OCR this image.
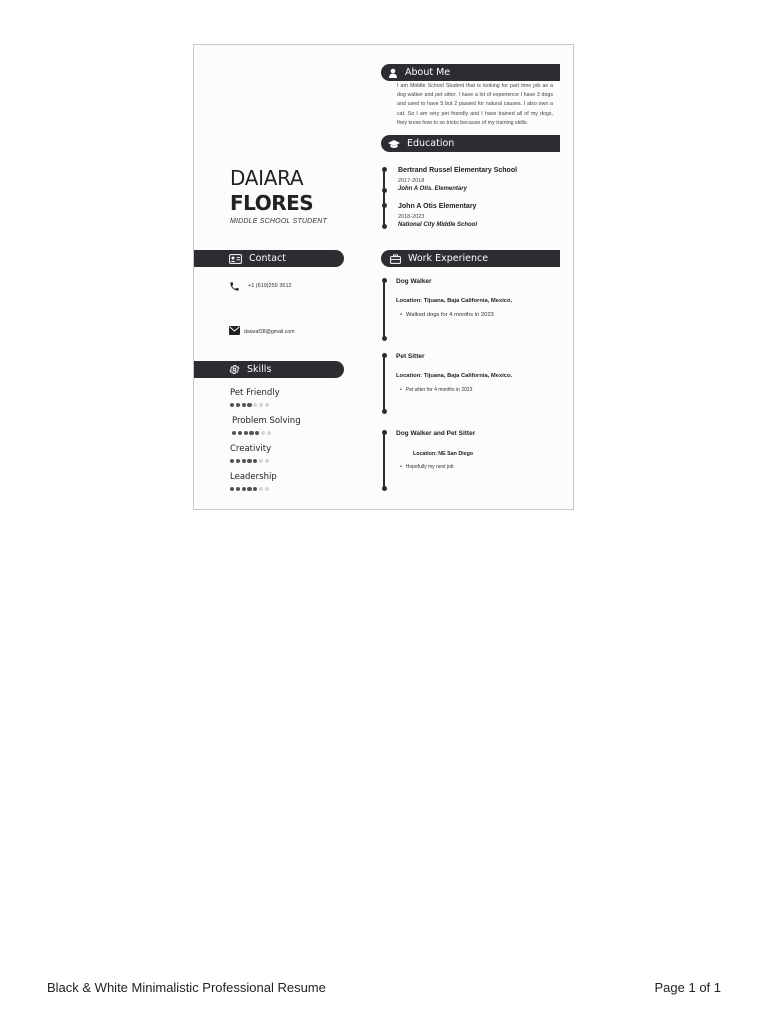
About Me
I am Middle School Student that is looking for part time job as a dog walker and pet sitter. I have a lot of experience I have 3 dogs and used to have 5 but 2 passed for natural causes. I also own a cat. So I am very pet friendly and I have trained all of my dogs, they know how to so tricks because of my training skills.
Education
Bertrand Russel Elementary School
2017-2018
John A Otis. Elementary
John A Otis Elementary
2018-2023
National City Middle School
DAIARA
FLORES
MIDDLE SCHOOL STUDENT
Contact
+1 (619)259 3612
daiaraf28@gmail.com
Skills
Pet Friendly
Problem Solving
Creativity
Leadership
Work Experience
Dog Walker
Location: Tijuana, Baja California, Mexico.
• Walked dogs for 4 months in 2023
Pet Sitter
Location: Tijuana, Baja California, Mexico.
• Pet sitter for 4 months in 2023
Dog Walker and Pet Sitter
Location: NE San Diego
• Hopefully my next job
Black & White Minimalistic Professional Resume	Page 1 of 1
